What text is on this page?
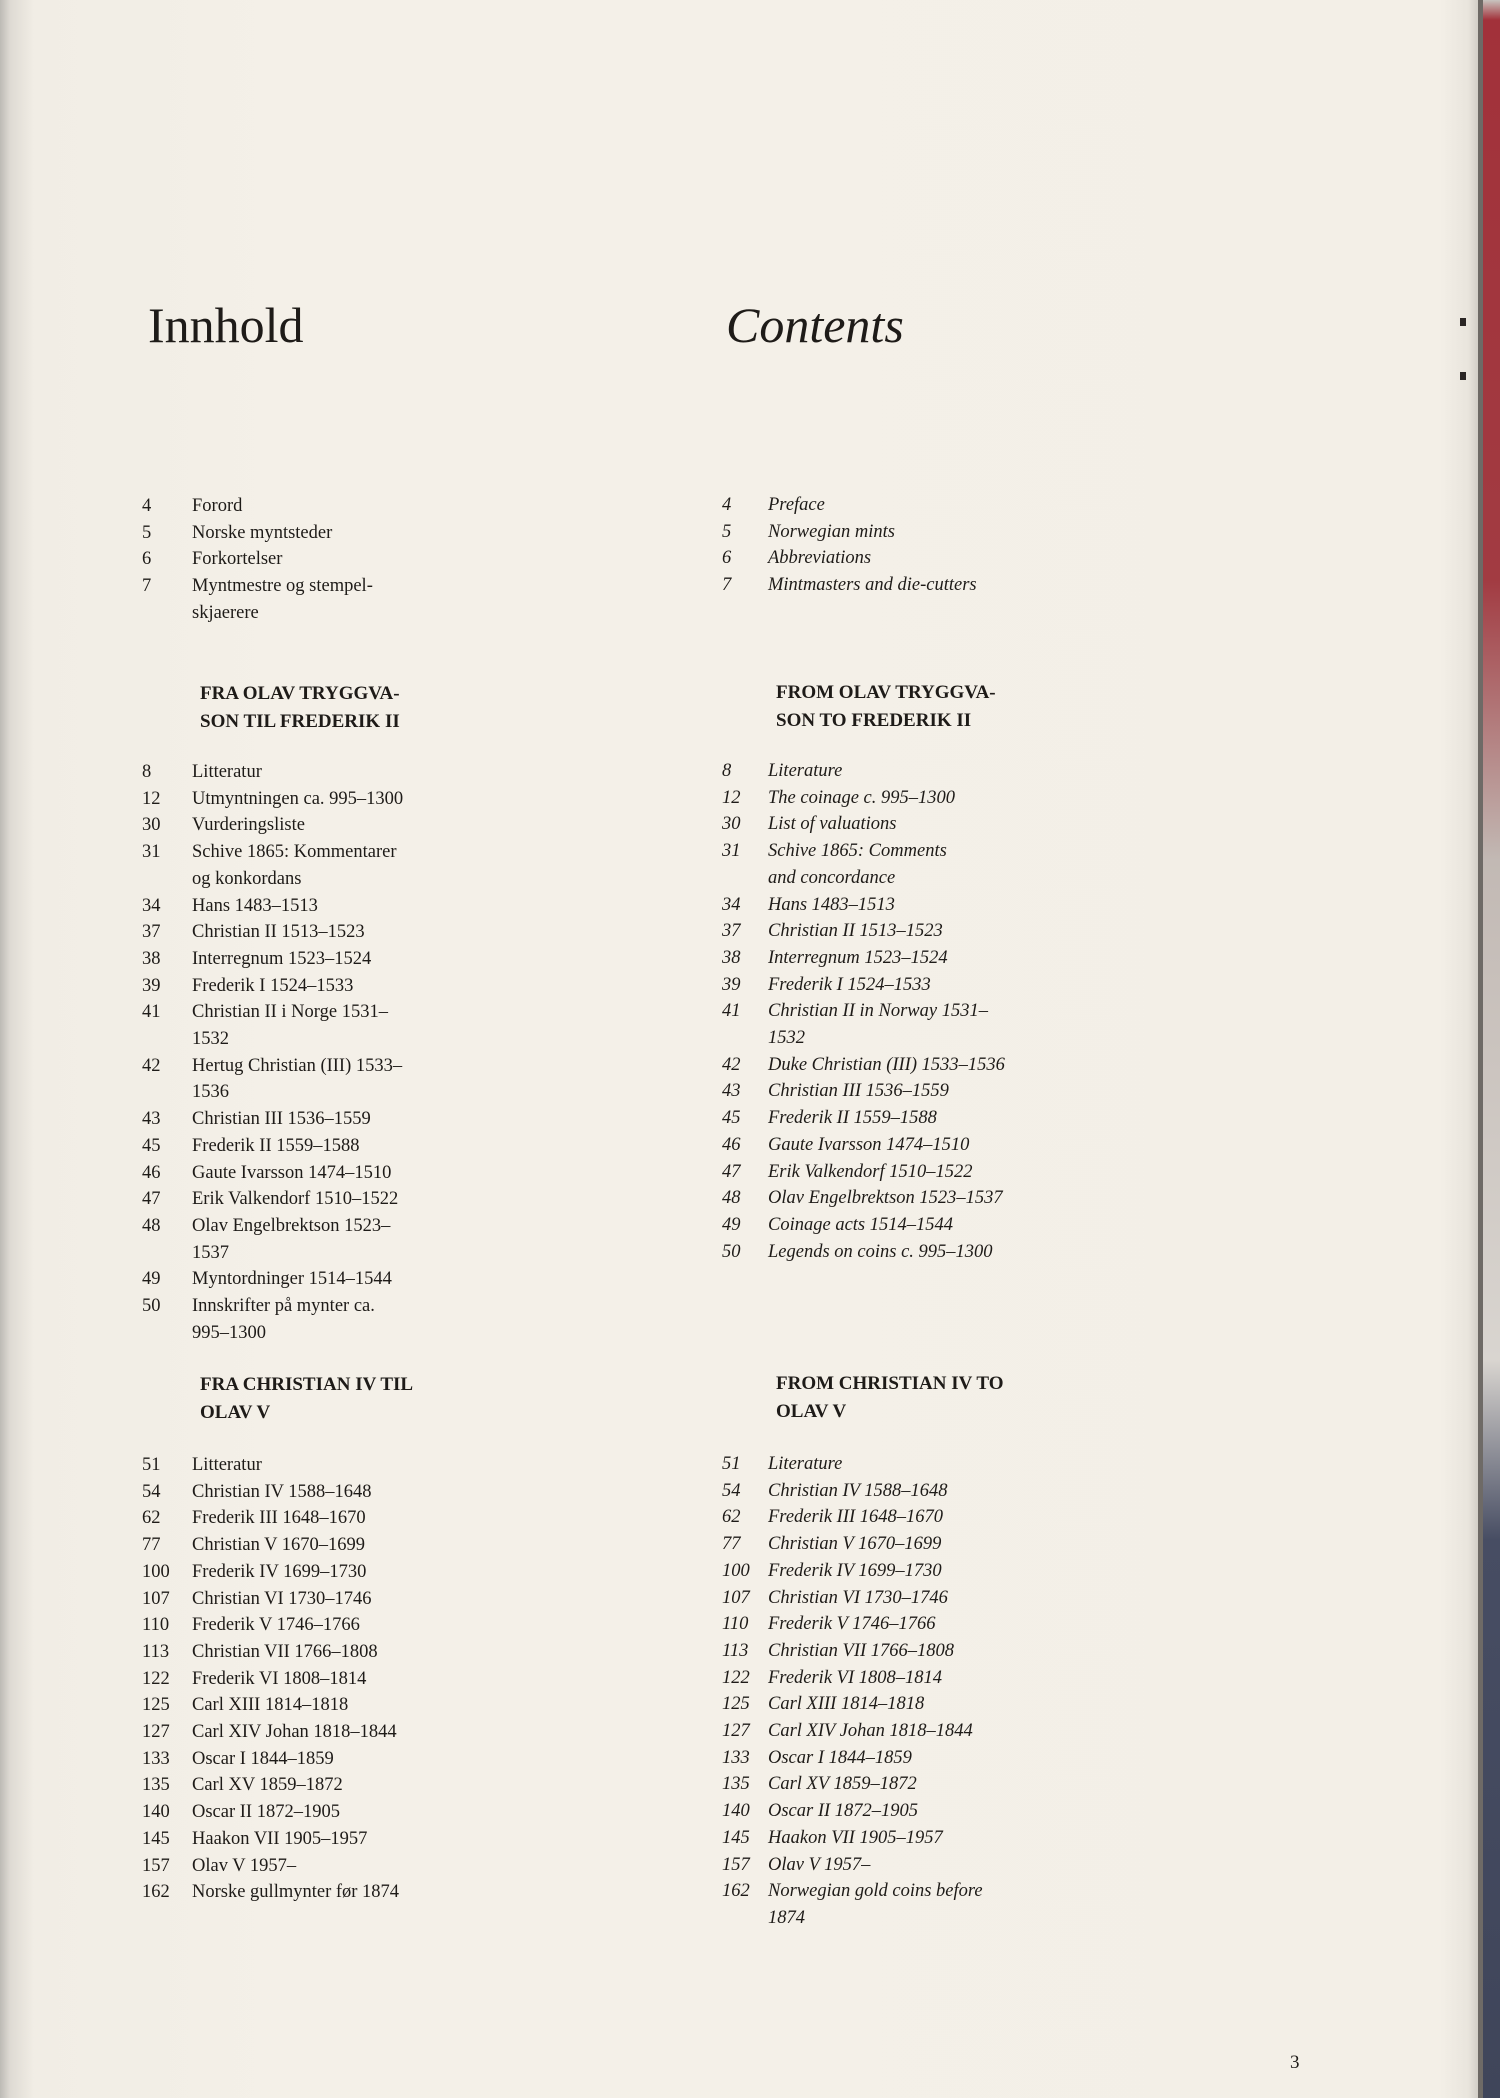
Innhold
4	Forord
5	Norske myntsteder
6	Forkortelser
7	Myntmestre og stempel-
skjaerere
FRA OLAV TRYGGVA-
SON TIL FREDERIK II
8	Litteratur
12	Utmyntningen ca. 995–1300
30	Vurderingsliste
31	Schive 1865: Kommentarer
og konkordans
34	Hans 1483–1513
37	Christian II 1513–1523
38	Interregnum 1523–1524
39	Frederik I 1524–1533
41	Christian II i Norge 1531–
1532
42	Hertug Christian (III) 1533–
1536
43	Christian III 1536–1559
45	Frederik II 1559–1588
46	Gaute Ivarsson 1474–1510
47	Erik Valkendorf 1510–1522
48	Olav Engelbrektson 1523–
1537
49	Myntordninger 1514–1544
50	Innskrifter på mynter ca.
995–1300
FRA CHRISTIAN IV TIL
OLAV V
51	Litteratur
54	Christian IV 1588–1648
62	Frederik III 1648–1670
77	Christian V 1670–1699
100	Frederik IV 1699–1730
107	Christian VI 1730–1746
110	Frederik V 1746–1766
113	Christian VII 1766–1808
122	Frederik VI 1808–1814
125	Carl XIII 1814–1818
127	Carl XIV Johan 1818–1844
133	Oscar I 1844–1859
135	Carl XV 1859–1872
140	Oscar II 1872–1905
145	Haakon VII 1905–1957
157	Olav V 1957–
162	Norske gullmynter før 1874
Contents
4	Preface
5	Norwegian mints
6	Abbreviations
7	Mintmasters and die-cutters
FROM OLAV TRYGGVA-
SON TO FREDERIK II
8	Literature
12	The coinage c. 995–1300
30	List of valuations
31	Schive 1865: Comments
and concordance
34	Hans 1483–1513
37	Christian II 1513–1523
38	Interregnum 1523–1524
39	Frederik I 1524–1533
41	Christian II in Norway 1531–
1532
42	Duke Christian (III) 1533–1536
43	Christian III 1536–1559
45	Frederik II 1559–1588
46	Gaute Ivarsson 1474–1510
47	Erik Valkendorf 1510–1522
48	Olav Engelbrektson 1523–1537
49	Coinage acts 1514–1544
50	Legends on coins c. 995–1300
FROM CHRISTIAN IV TO
OLAV V
51	Literature
54	Christian IV 1588–1648
62	Frederik III 1648–1670
77	Christian V 1670–1699
100 Frederik IV 1699–1730
107 Christian VI 1730–1746
110	Frederik V 1746–1766
113	Christian VII 1766–1808
122 Frederik VI 1808–1814
125 Carl XIII 1814–1818
127 Carl XIV Johan 1818–1844
133 Oscar I 1844–1859
135 Carl XV 1859–1872
140 Oscar II 1872–1905
145 Haakon VII 1905–1957
157 Olav V 1957–
162 Norwegian gold coins before
1874
3
